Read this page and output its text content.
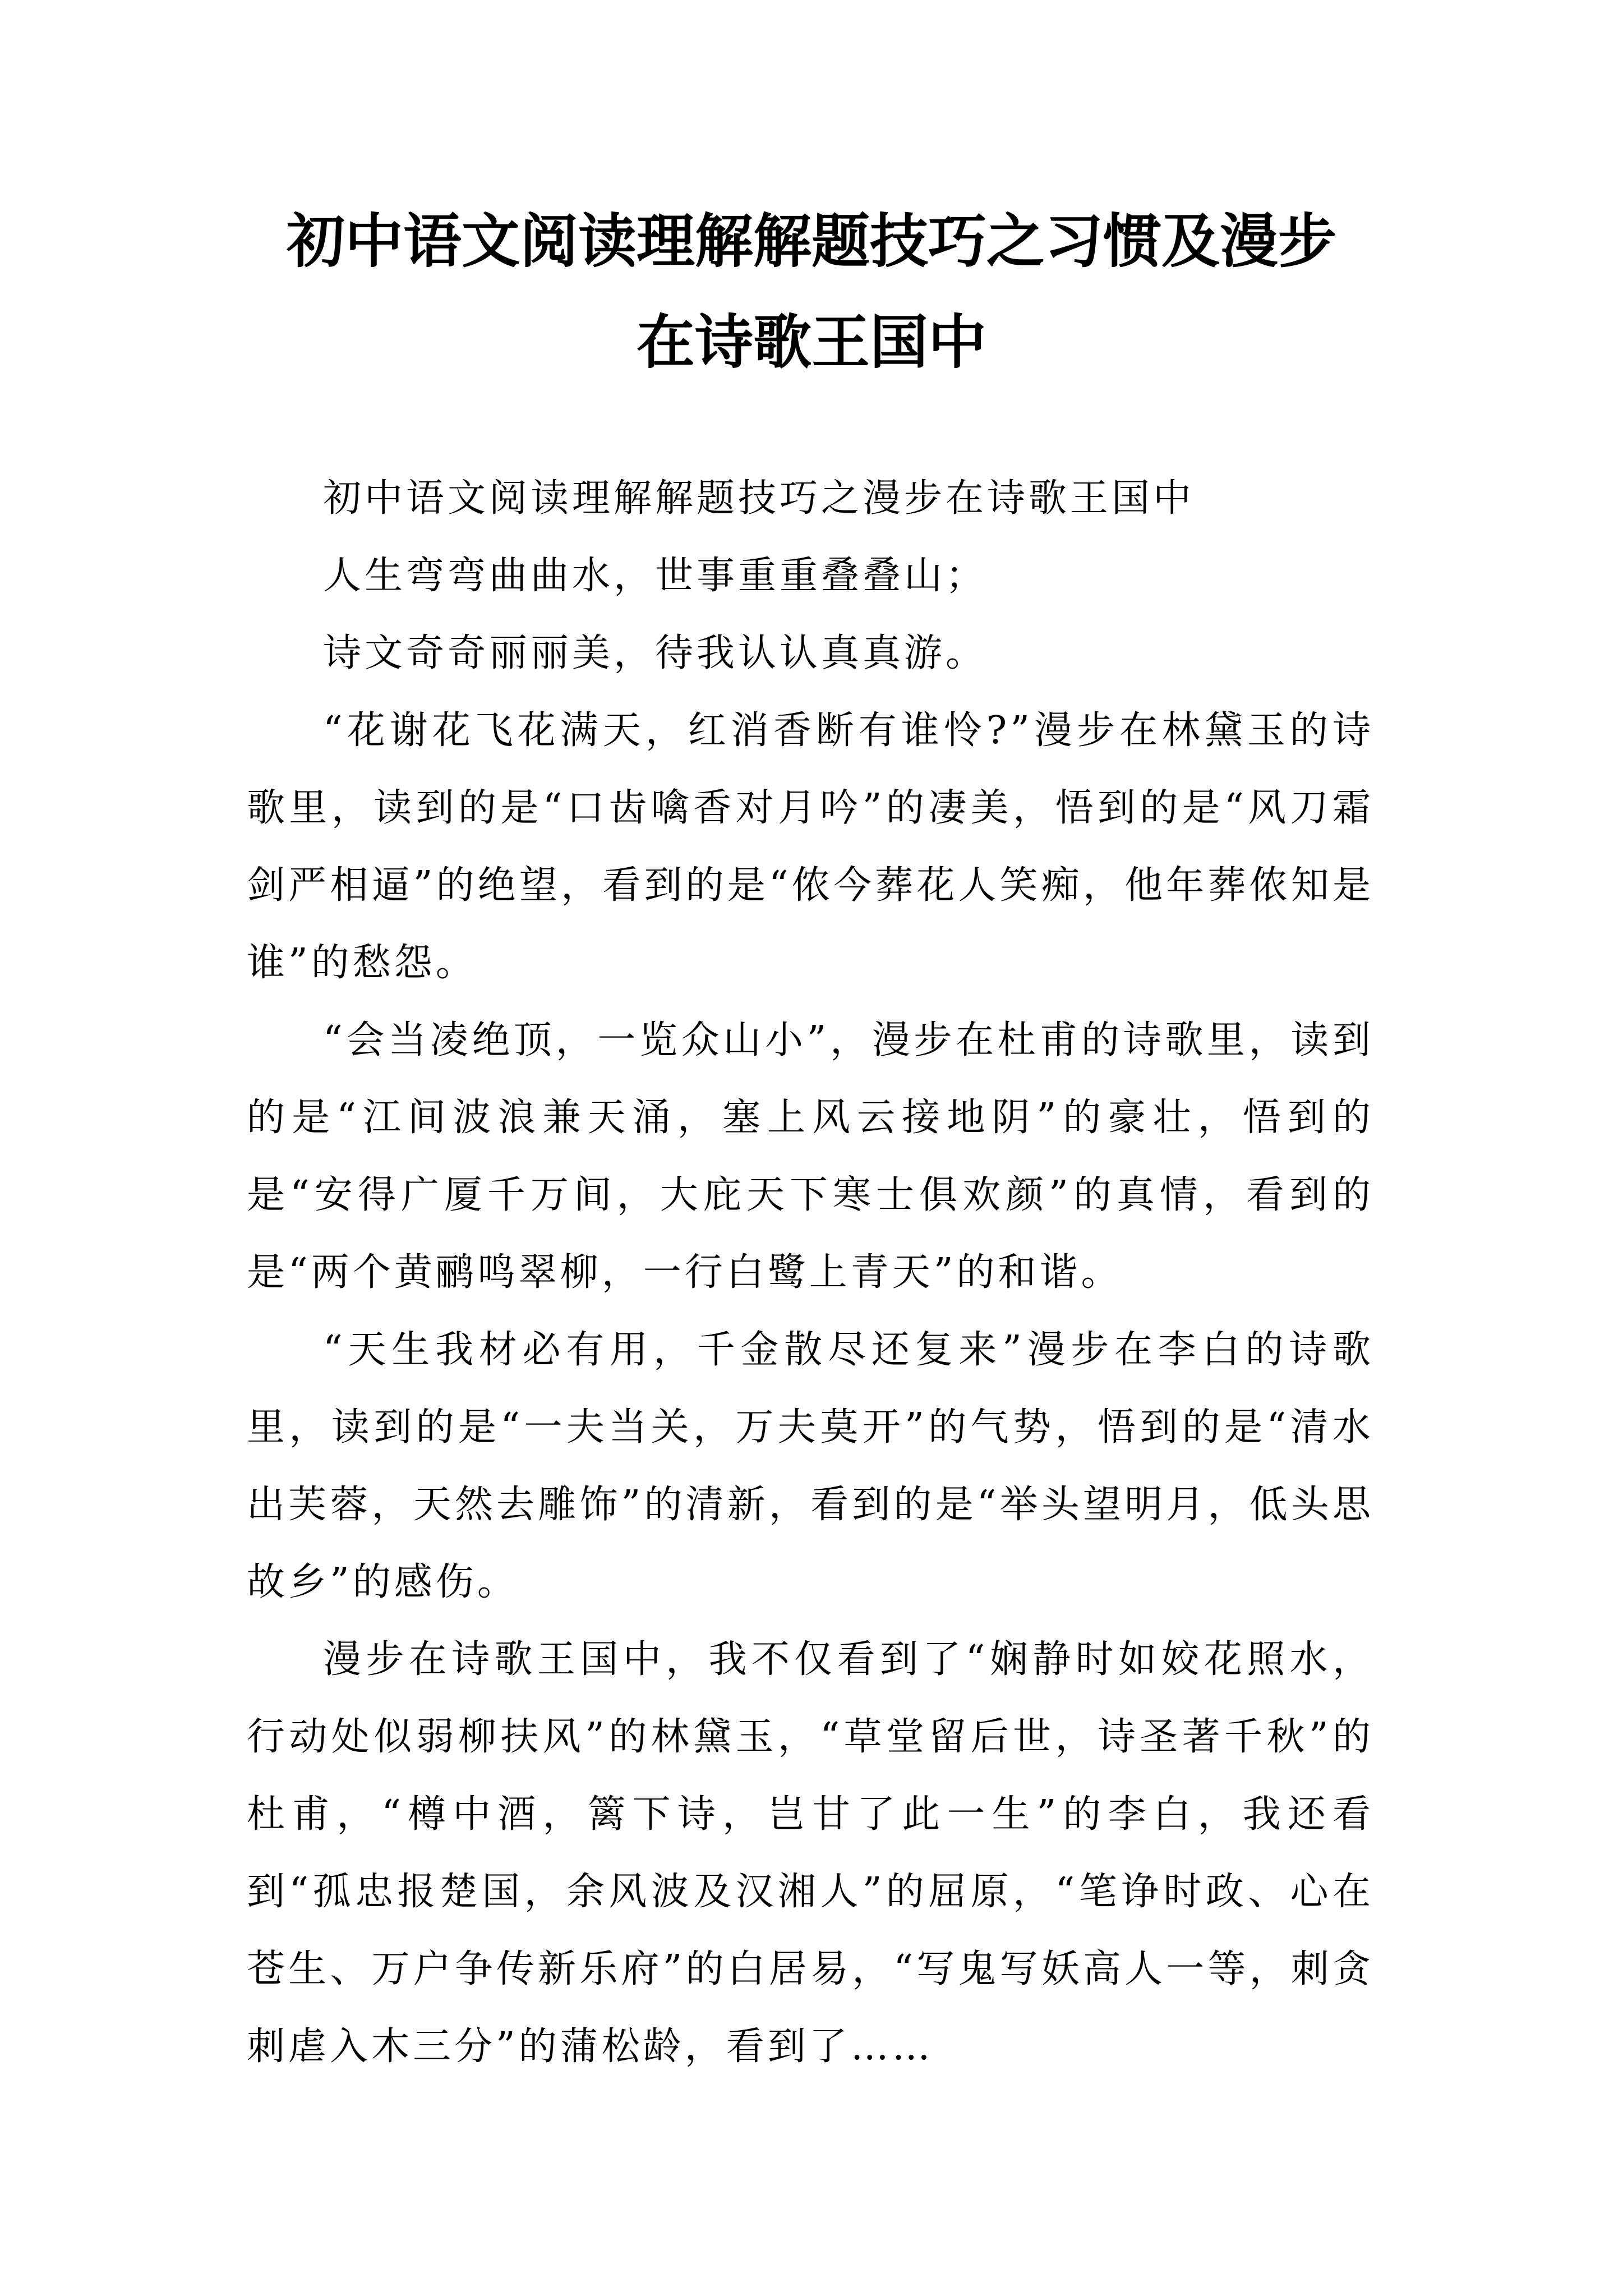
初中语文阅读理解解题技巧之习惯及漫步
在诗歌王国中

初中语文阅读理解解题技巧之漫步在诗歌王国中

人生弯弯曲曲水，世事重重叠叠山；

诗文奇奇丽丽美，待我认认真真游。

“花谢花飞花满天，红消香断有谁怜?”漫步在林黛玉的诗歌里，读到的是“口齿噙香对月吟”的凄美，悟到的是“风刀霜剑严相逼”的绝望，看到的是“侬今葬花人笑痴，他年葬侬知是谁”的愁怨。

“会当凌绝顶，一览众山小”，漫步在杜甫的诗歌里，读到的是“江间波浪兼天涌，塞上风云接地阴”的豪壮，悟到的是“安得广厦千万间，大庇天下寒士俱欢颜”的真情，看到的是“两个黄鹂鸣翠柳，一行白鹭上青天”的和谐。

“天生我材必有用，千金散尽还复来”漫步在李白的诗歌里，读到的是“一夫当关，万夫莫开”的气势，悟到的是“清水出芙蓉，天然去雕饰”的清新，看到的是“举头望明月，低头思故乡”的感伤。

漫步在诗歌王国中，我不仅看到了“娴静时如姣花照水，行动处似弱柳扶风”的林黛玉，“草堂留后世，诗圣著千秋”的杜甫，“樽中酒，篱下诗，岂甘了此一生”的李白，我还看到“孤忠报楚国，余风波及汉湘人”的屈原，“笔诤时政、心在苍生、万户争传新乐府”的白居易，“写鬼写妖高人一等，刺贪刺虐入木三分”的蒲松龄，看到了……
